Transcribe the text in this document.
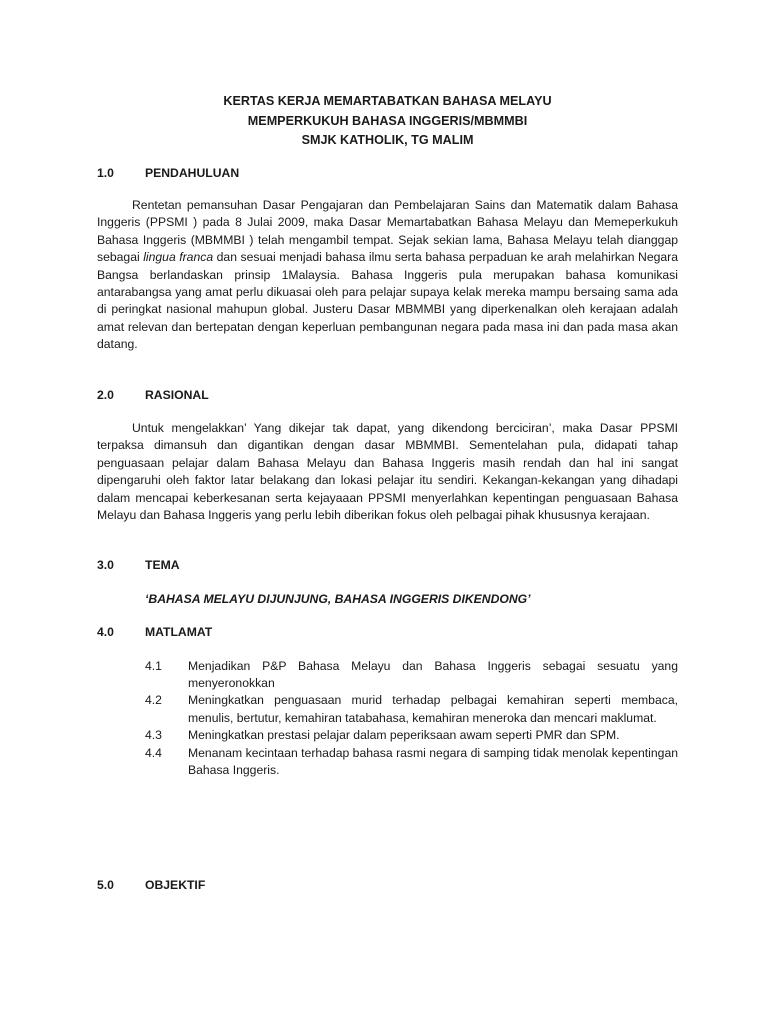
KERTAS KERJA MEMARTABATKAN BAHASA MELAYU
MEMPERKUKUH BAHASA INGGERIS/MBMMBI
SMJK KATHOLIK, TG MALIM
1.0	PENDAHULUAN

Rentetan pemansuhan Dasar Pengajaran dan Pembelajaran Sains dan Matematik dalam Bahasa Inggeris (PPSMI ) pada 8 Julai 2009, maka Dasar Memartabatkan Bahasa Melayu dan Memeperkukuh Bahasa Inggeris (MBMMBI ) telah mengambil tempat. Sejak sekian lama, Bahasa Melayu telah dianggap sebagai lingua franca dan sesuai menjadi bahasa ilmu serta bahasa perpaduan ke arah melahirkan Negara Bangsa berlandaskan prinsip 1Malaysia. Bahasa Inggeris pula merupakan bahasa komunikasi antarabangsa yang amat perlu dikuasai oleh para pelajar supaya kelak mereka mampu bersaing sama ada di peringkat nasional mahupun global. Justeru Dasar MBMMBI yang diperkenalkan oleh kerajaan adalah amat relevan dan bertepatan dengan keperluan pembangunan negara pada masa ini dan pada masa akan datang.

2.0	RASIONAL

Untuk mengelakkan’ Yang dikejar tak dapat, yang dikendong berciciran’, maka Dasar PPSMI terpaksa dimansuh dan digantikan dengan dasar MBMMBI. Sementelahan pula, didapati tahap penguasaan pelajar dalam Bahasa Melayu dan Bahasa Inggeris masih rendah dan hal ini sangat dipengaruhi oleh faktor latar belakang dan lokasi pelajar itu sendiri. Kekangan-kekangan yang dihadapi dalam mencapai keberkesanan serta kejayaaan PPSMI menyerlahkan kepentingan penguasaan Bahasa Melayu dan Bahasa Inggeris yang perlu lebih diberikan fokus oleh pelbagai pihak khususnya kerajaan.

3.0	TEMA

‘BAHASA MELAYU DIJUNJUNG, BAHASA INGGERIS DIKENDONG’

4.0	MATLAMAT
4.1	Menjadikan P&P Bahasa Melayu dan Bahasa Inggeris sebagai sesuatu yang menyeronokkan
4.2	Meningkatkan penguasaan murid terhadap pelbagai kemahiran seperti membaca, menulis, bertutur, kemahiran tatabahasa, kemahiran meneroka dan mencari maklumat.
4.3	Meningkatkan prestasi pelajar dalam peperiksaan awam seperti PMR dan SPM.
4.4	Menanam kecintaan terhadap bahasa rasmi negara di samping tidak menolak kepentingan Bahasa Inggeris.
5.0	OBJEKTIF
